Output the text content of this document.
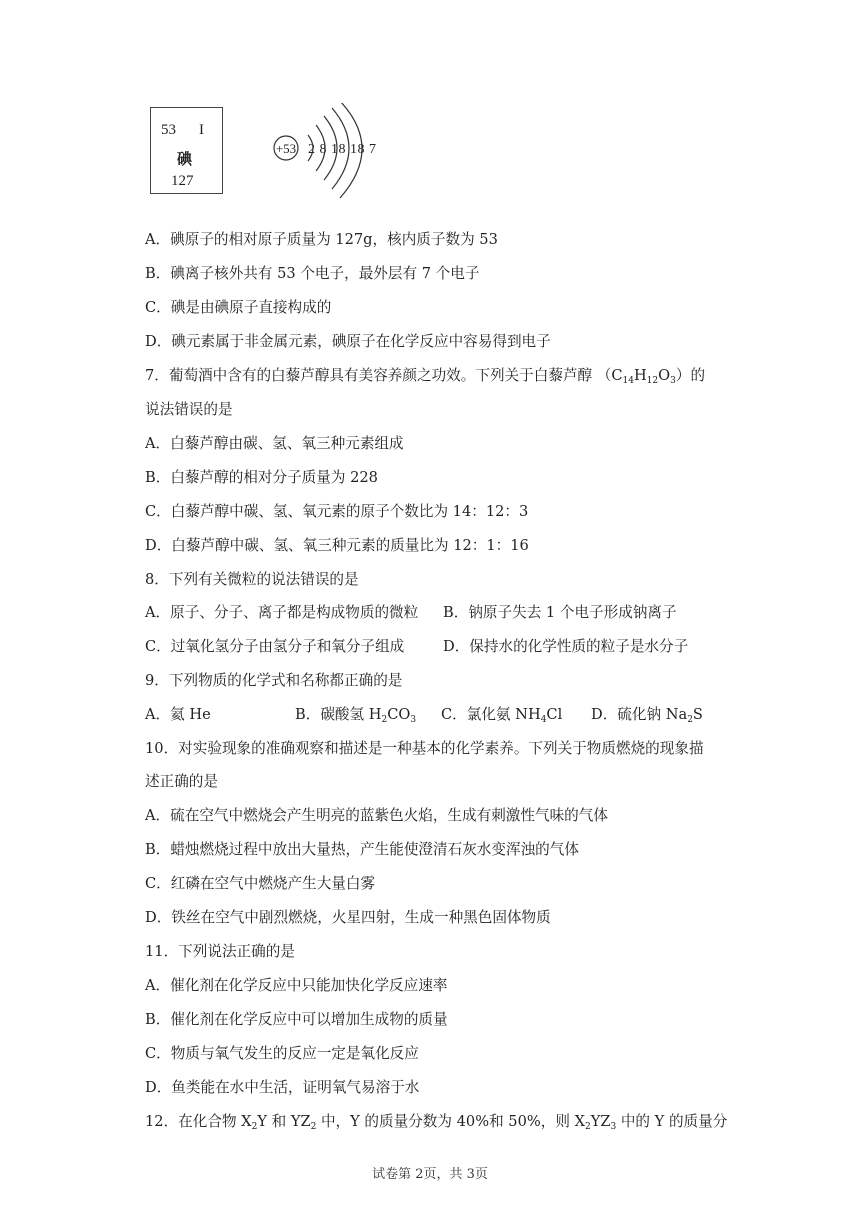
53 I
碘
127
+53 2 8 18 18 7
A．碘原子的相对原子质量为 127g，核内质子数为 53
B．碘离子核外共有 53 个电子，最外层有 7 个电子
C．碘是由碘原子直接构成的
D．碘元素属于非金属元素，碘原子在化学反应中容易得到电子
7．葡萄酒中含有的白藜芦醇具有美容养颜之功效。下列关于白藜芦醇 $(C_{14}H_{12}O_3)$的
说法错误的是
A．白藜芦醇由碳、氢、氧三种元素组成
B．白藜芦醇的相对分子质量为 228
C．白藜芦醇中碳、氢、氧元素的原子个数比为 14：12：3
D．白藜芦醇中碳、氢、氧三种元素的质量比为 12：1：16
8．下列有关微粒的说法错误的是
A．原子、分子、离子都是构成物质的微粒 B．钠原子失去 1 个电子形成钠离子
C．过氧化氢分子由氢分子和氧分子组成	D．保持水的化学性质的粒子是水分子
9．下列物质的化学式和名称都正确的是
A．氦 He	B．碳酸氢 $H_2CO_3$ C．氯化氨 $NH_4Cl$ D．硫化钠 $Na_2S$
10．对实验现象的准确观察和描述是一种基本的化学素养。下列关于物质燃烧的现象描
述正确的是
A．硫在空气中燃烧会产生明亮的蓝紫色火焰，生成有刺激性气味的气体
B．蜡烛燃烧过程中放出大量热，产生能使澄清石灰水变浑浊的气体
C．红磷在空气中燃烧产生大量白雾
D．铁丝在空气中剧烈燃烧，火星四射，生成一种黑色固体物质
11．下列说法正确的是
A．催化剂在化学反应中只能加快化学反应速率
B．催化剂在化学反应中可以增加生成物的质量
C．物质与氧气发生的反应一定是氧化反应
D．鱼类能在水中生活，证明氧气易溶于水
12．在化合物 $X_2Y$ 和 $YZ_2$ 中，Y 的质量分数为 40%和 50%，则 $X_2YZ_3$ 中的 Y 的质量分
试卷第 2页，共 3页
